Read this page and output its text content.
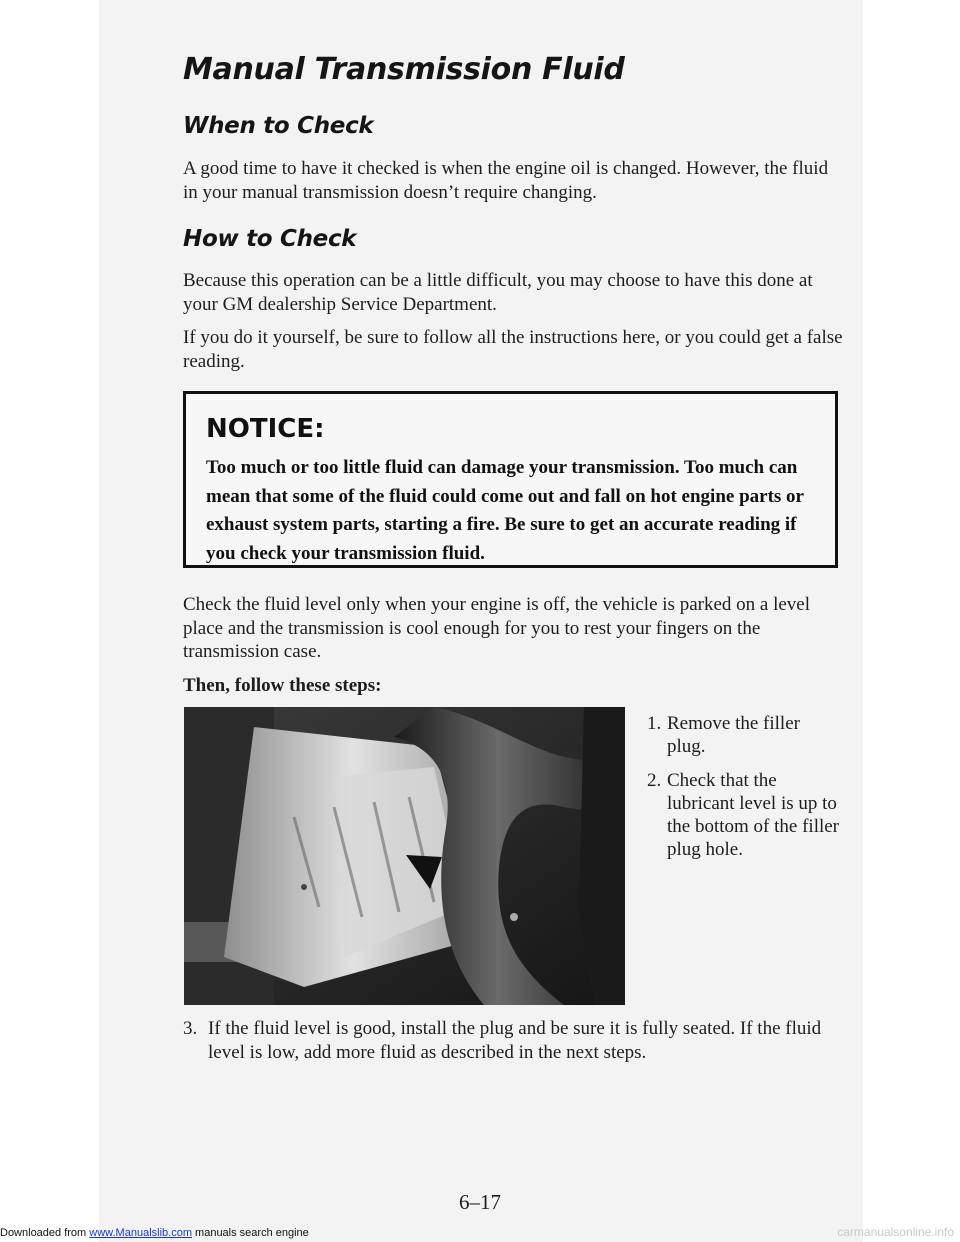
Manual Transmission Fluid
When to Check

A good time to have it checked is when the engine oil is changed. However, the fluid in your manual transmission doesn’t require changing.

How to Check

Because this operation can be a little difficult, you may choose to have this done at your GM dealership Service Department.

If you do it yourself, be sure to follow all the instructions here, or you could get a false reading.

NOTICE:

Too much or too little fluid can damage your transmission. Too much can mean that some of the fluid could come out and fall on hot engine parts or exhaust system parts, starting a fire. Be sure to get an accurate reading if you check your transmission fluid.

Check the fluid level only when your engine is off, the vehicle is parked on a level place and the transmission is cool enough for you to rest your fingers on the transmission case.

Then, follow these steps:

1. Remove the filler plug.
2. Check that the lubricant level is up to the bottom of the filler plug hole.
3. If the fluid level is good, install the plug and be sure it is fully seated. If the fluid level is low, add more fluid as described in the next steps.

6–17

Downloaded from www.Manualslib.com manuals search engine	carmanualsonline.info
